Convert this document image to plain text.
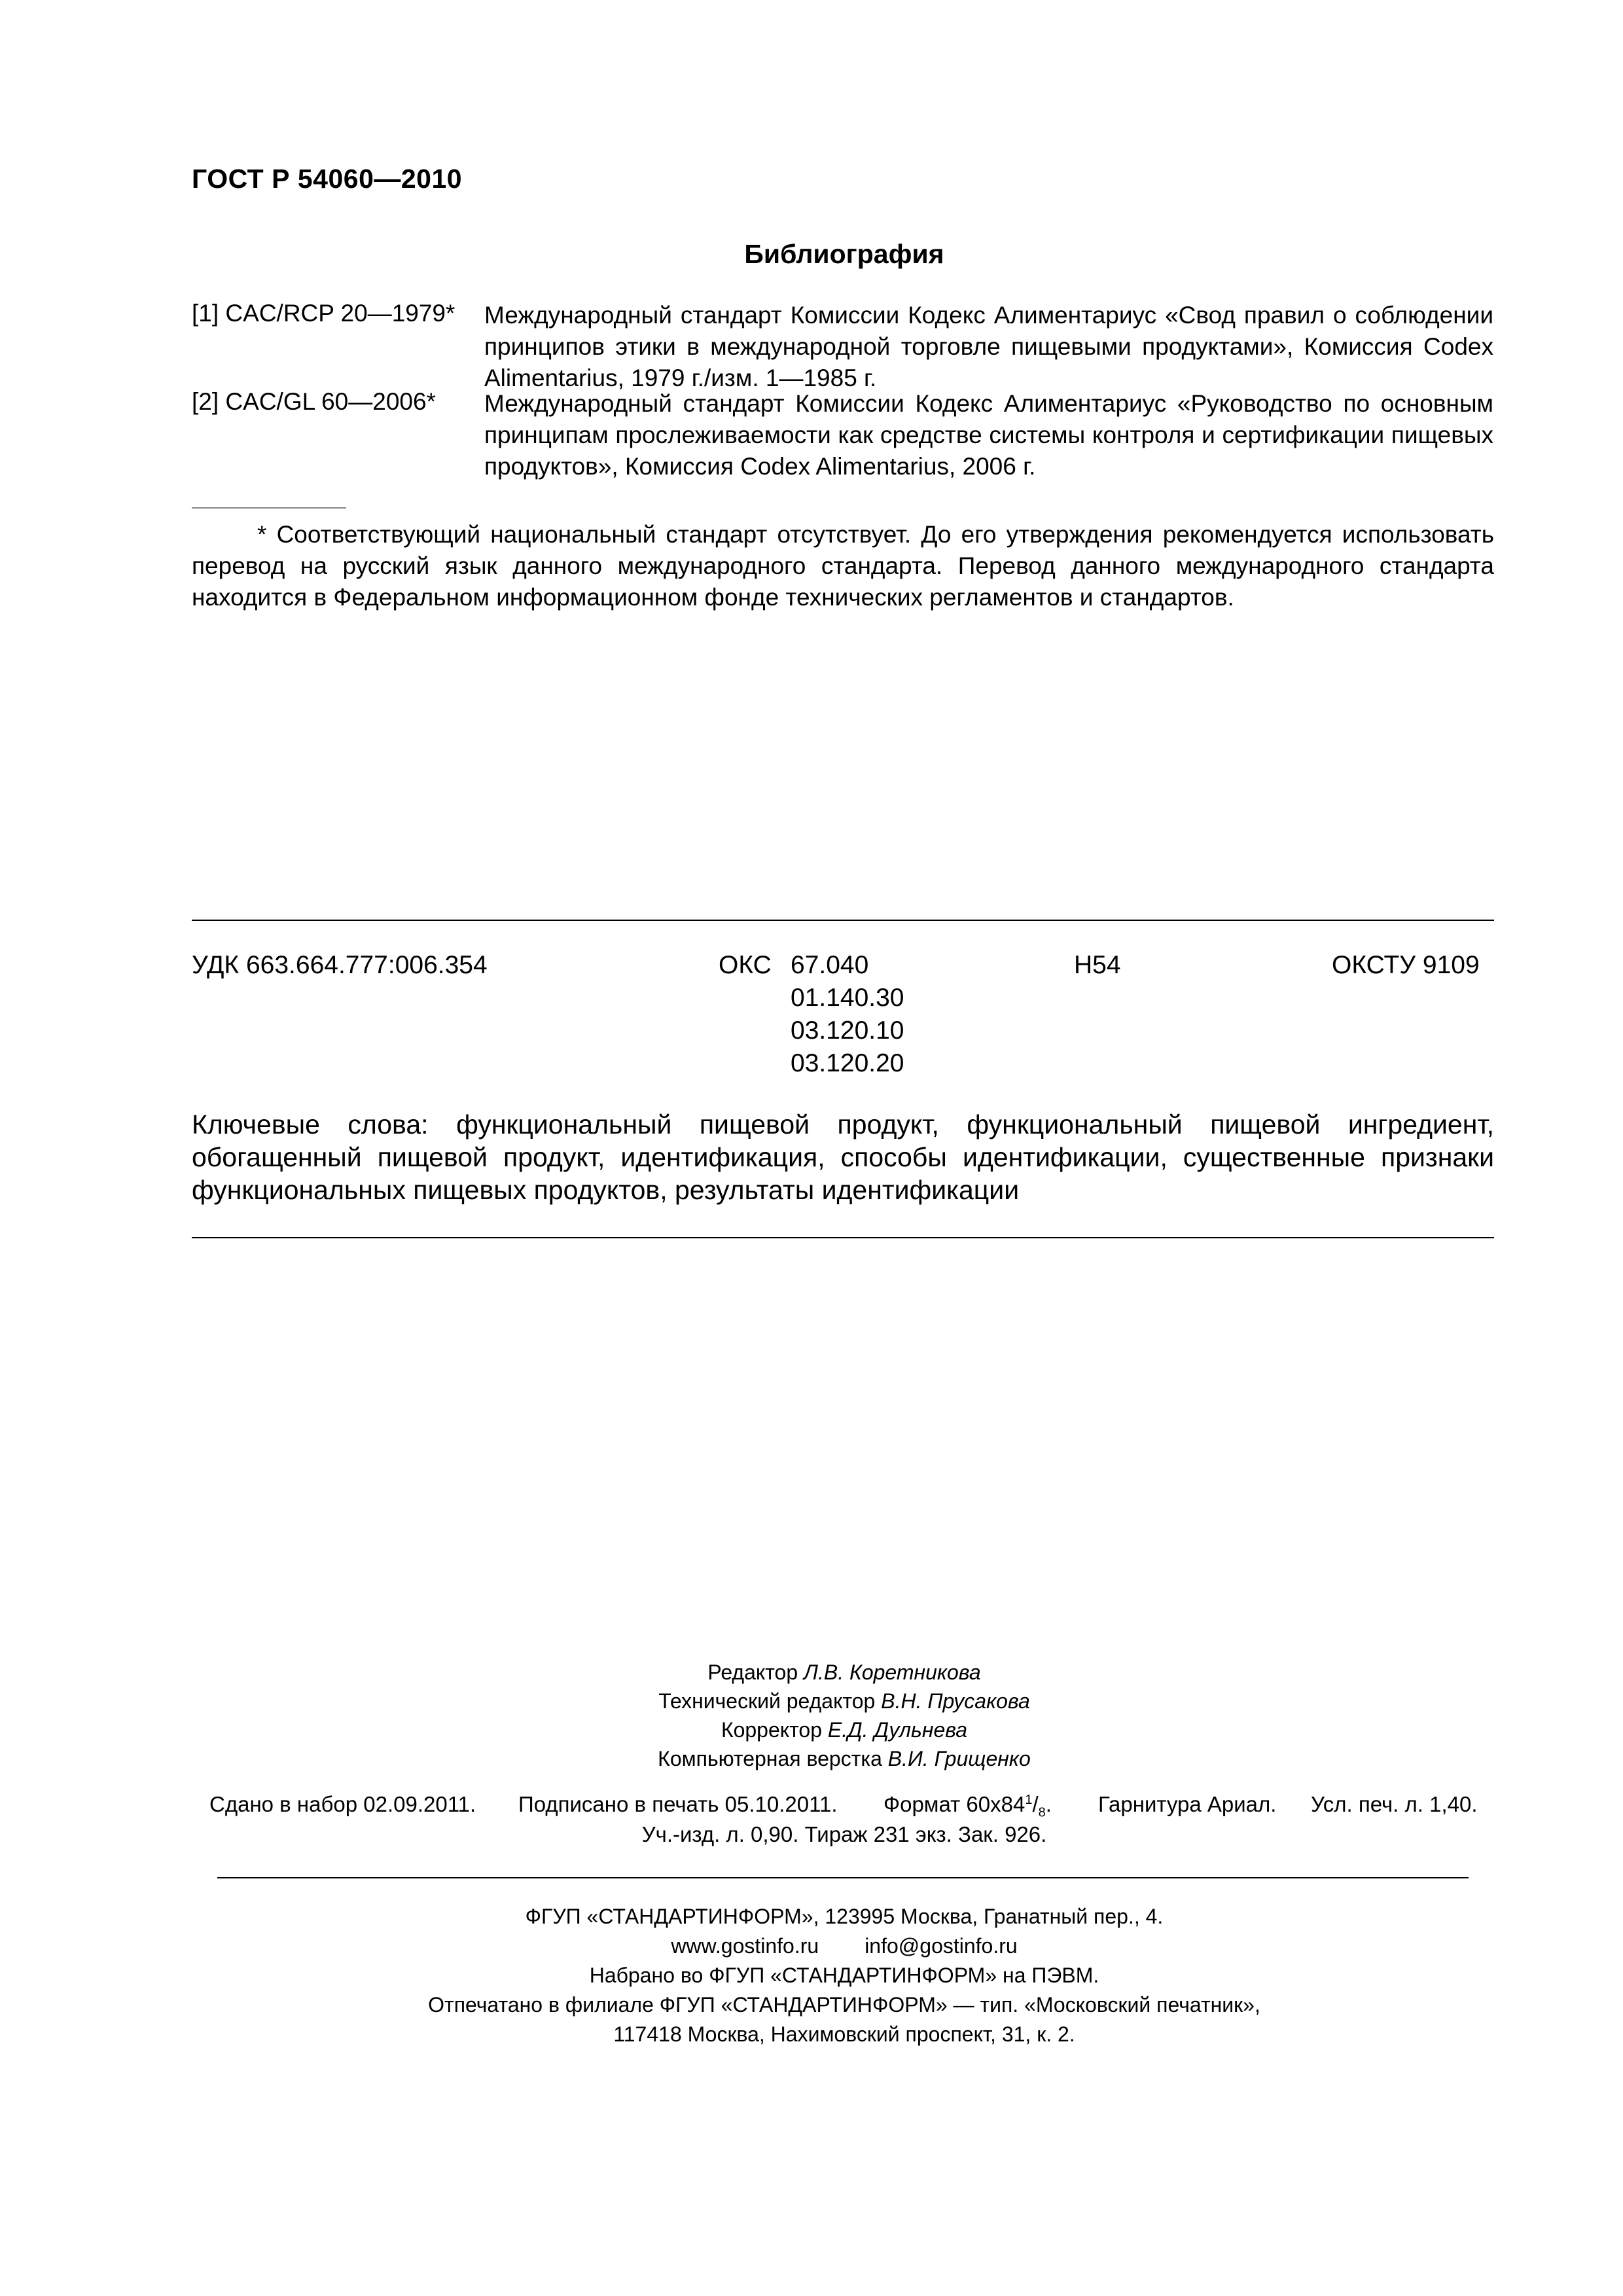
ГОСТ Р 54060—2010
Библиография
[1] CAC/RCP 20—1979* Международный стандарт Комиссии Кодекс Алиментариус «Свод правил о соблюдении принципов этики в международной торговле пищевыми продуктами», Комиссия Codex Alimentarius, 1979 г./изм. 1—1985 г.
[2] CAC/GL 60—2006* Международный стандарт Комиссии Кодекс Алиментариус «Руководство по основным принципам прослеживаемости как средстве системы контроля и сертификации пищевых продуктов», Комиссия Codex Alimentarius, 2006 г.
* Соответствующий национальный стандарт отсутствует. До его утверждения рекомендуется использовать перевод на русский язык данного международного стандарта. Перевод данного международного стандарта находится в Федеральном информационном фонде технических регламентов и стандартов.
УДК 663.664.777:006.354	ОКС 67.040
01.140.30
03.120.10
03.120.20
Н54	ОКСТУ 9109
Ключевые слова: функциональный пищевой продукт, функциональный пищевой ингредиент, обогащенный пищевой продукт, идентификация, способы идентификации, существенные признаки функциональных пищевых продуктов, результаты идентификации
Редактор Л.В. Коретникова
Технический редактор В.Н. Прусакова
Корректор Е.Д. Дульнева
Компьютерная верстка В.И. Грищенко
Сдано в набор 02.09.2011. Подписано в печать 05.10.2011. Формат $60х84^1/_8$. Гарнитура Ариал. Усл. печ. л. 1,40.
Уч.-изд. л. 0,90. Тираж 231 экз. Зак. 926.
ФГУП «СТАНДАРТИНФОРМ», 123995 Москва, Гранатный пер., 4.
www.gostinfo.ru info@gostinfo.ru
Набрано во ФГУП «СТАНДАРТИНФОРМ» на ПЭВМ.
Отпечатано в филиале ФГУП «СТАНДАРТИНФОРМ» — тип. «Московский печатник»,
117418 Москва, Нахимовский проспект, 31, к. 2.
